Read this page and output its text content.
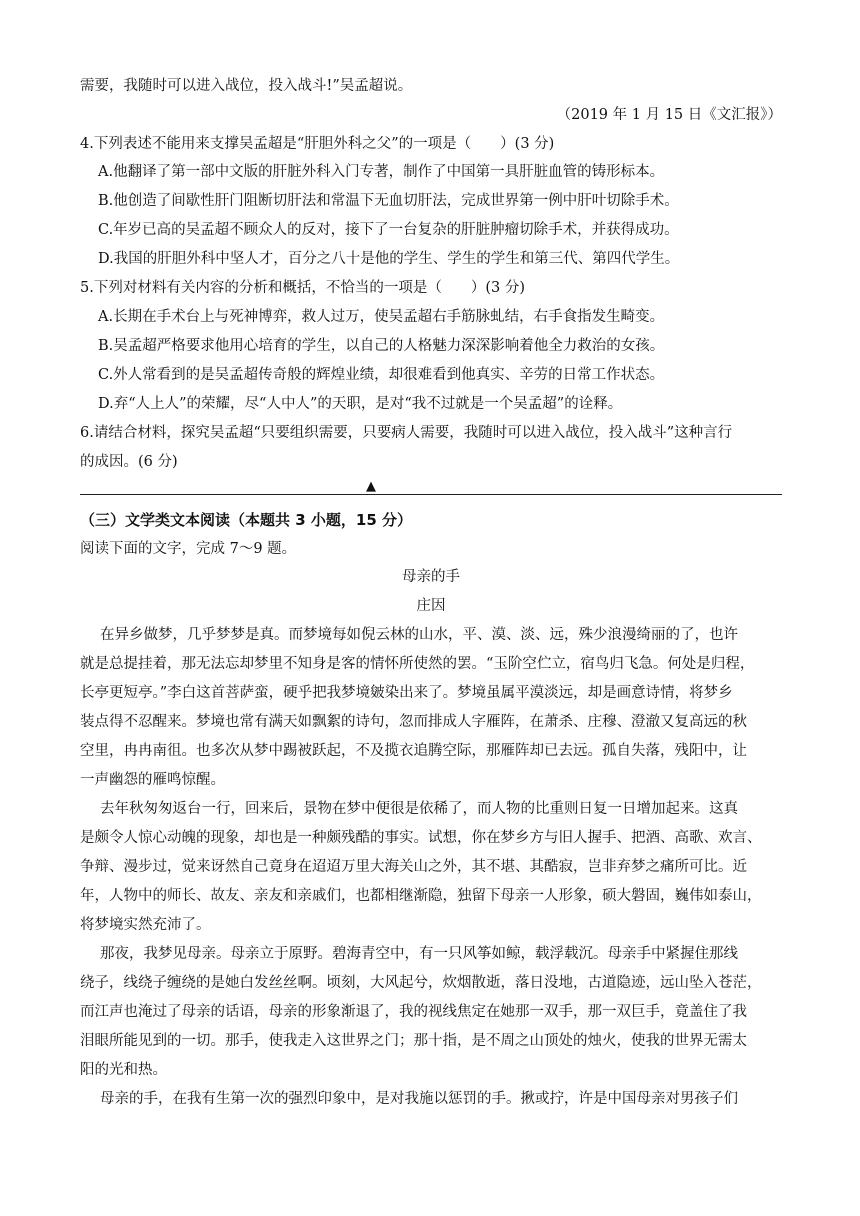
需要，我随时可以进入战位，投入战斗!”吴孟超说。
（2019 年 1 月 15 日《文汇报》）
4.下列表述不能用来支撑吴孟超是“肝胆外科之父”的一项是（　　）(3 分)
A.他翻译了第一部中文版的肝脏外科入门专著，制作了中国第一具肝脏血管的铸形标本。
B.他创造了间歇性肝门阻断切肝法和常温下无血切肝法，完成世界第一例中肝叶切除手术。
C.年岁已高的吴孟超不顾众人的反对，接下了一台复杂的肝脏肿瘤切除手术，并获得成功。
D.我国的肝胆外科中坚人才，百分之八十是他的学生、学生的学生和第三代、第四代学生。
5.下列对材料有关内容的分析和概括，不恰当的一项是（　　）(3 分)
A.长期在手术台上与死神博弈，救人过万，使吴孟超右手筋脉虬结，右手食指发生畸变。
B.吴孟超严格要求他用心培育的学生，以自己的人格魅力深深影响着他全力救治的女孩。
C.外人常看到的是吴孟超传奇般的辉煌业绩，却很难看到他真实、辛劳的日常工作状态。
D.弃“人上人”的荣耀，尽“人中人”的天职，是对“我不过就是一个吴孟超”的诠释。
6.请结合材料，探究吴孟超“只要组织需要，只要病人需要，我随时可以进入战位，投入战斗”这种言行
的成因。(6 分)
▲
（三）文学类文本阅读（本题共 3 小题，15 分）
阅读下面的文字，完成 7～9 题。
母亲的手
庄因
在异乡做梦，几乎梦梦是真。而梦境每如倪云林的山水，平、漠、淡、远，殊少浪漫绮丽的了，也许
就是总提挂着，那无法忘却梦里不知身是客的情怀所使然的罢。“玉阶空伫立，宿鸟归飞急。何处是归程，
长亭更短亭。”李白这首菩萨蛮，硬乎把我梦境皴染出来了。梦境虽属平漠淡远，却是画意诗情，将梦乡
装点得不忍醒来。梦境也常有满天如飘絮的诗句，忽而排成人字雁阵，在萧杀、庄穆、澄澈又复高远的秋
空里，冉冉南徂。也多次从梦中踢被跃起，不及揽衣追腾空际，那雁阵却已去远。孤自失落，残阳中，让
一声幽怨的雁鸣惊醒。
去年秋匆匆返台一行，回来后，景物在梦中便很是依稀了，而人物的比重则日复一日增加起来。这真
是颇令人惊心动魄的现象，却也是一种颇残酷的事实。试想，你在梦乡方与旧人握手、把酒、高歌、欢言、
争辩、漫步过，觉来讶然自己竟身在迢迢万里大海关山之外，其不堪、其酷寂，岂非弃梦之痛所可比。近
年，人物中的师长、故友、亲友和亲戚们，也都相继渐隐，独留下母亲一人形象，硕大磐固，巍伟如泰山，
将梦境实然充沛了。
那夜，我梦见母亲。母亲立于原野。碧海青空中，有一只风筝如鲸，载浮载沉。母亲手中紧握住那线
绕子，线绕子缠绕的是她白发丝丝啊。顷刻，大风起兮，炊烟散逝，落日没地，古道隐迹，远山坠入苍茫，
而江声也淹过了母亲的话语，母亲的形象渐退了，我的视线焦定在她那一双手，那一双巨手，竟盖住了我
泪眼所能见到的一切。那手，使我走入这世界之门；那十指，是不周之山顶处的烛火，使我的世界无需太
阳的光和热。
母亲的手，在我有生第一次的强烈印象中，是对我施以惩罚的手。揪或拧，许是中国母亲对男孩子们
